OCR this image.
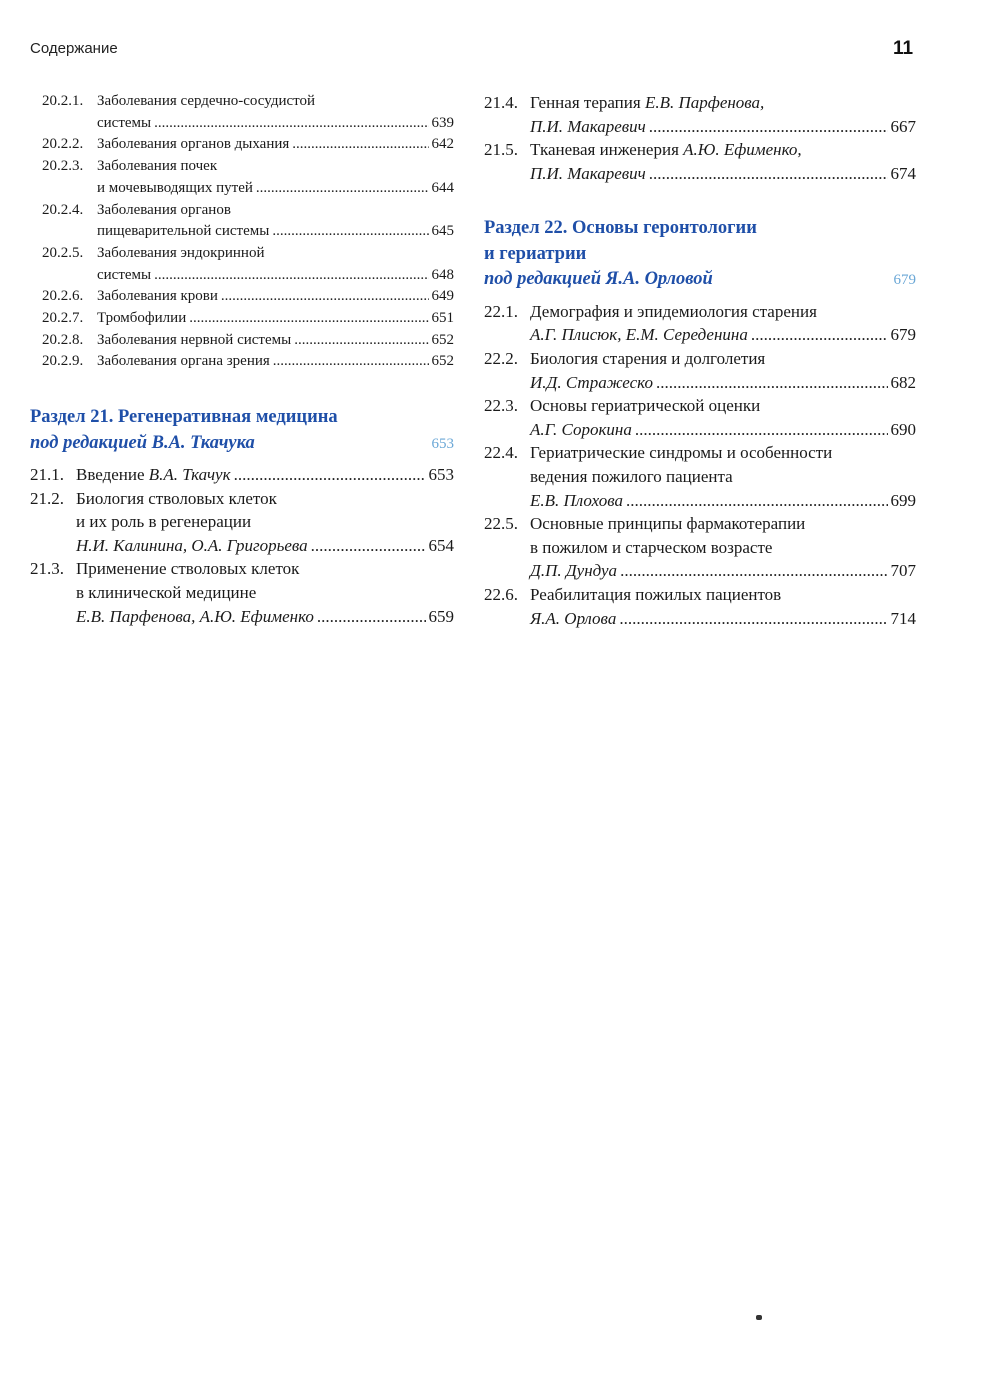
Содержание	11
20.2.1. Заболевания сердечно-сосудистой
системы .....	639
20.2.2. Заболевания органов дыхания .....	642
20.2.3. Заболевания почек
и мочевыводящих путей .....	644
20.2.4. Заболевания органов
пищеварительной системы .....	645
20.2.5. Заболевания эндокринной
системы .....	648
20.2.6. Заболевания крови .....	649
20.2.7. Тромбофилии .....	651
20.2.8. Заболевания нервной системы .....	652
20.2.9. Заболевания органа зрения .....	652
Раздел 21. Регенеративная медицина
под редакцией В.А. Ткачука	653
21.1. Введение
В.А. Ткачук .....	653
21.2. Биология стволовых клеток
и их роль в регенерации
Н.И. Калинина, О.А. Григорьева .....	654
21.3. Применение стволовых клеток
в клинической медицине
Е.В. Парфенова, А.Ю. Ефименко .....	659
21.4. Генная терапия
Е.В. Парфенова,
П.И. Макаревич .....	667
21.5. Тканевая инженерия
А.Ю. Ефименко,
П.И. Макаревич .....	674
Раздел 22. Основы геронтологии
и гериатрии
под редакцией Я.А. Орловой	679
22.1. Демография и эпидемиология старения
А.Г. Плисюк, Е.М. Середенина .....	679
22.2. Биология старения и долголетия
И.Д. Стражеско .....	682
22.3. Основы гериатрической оценки
А.Г. Сорокина .....	690
22.4. Гериатрические синдромы и особенности
ведения пожилого пациента
Е.В. Плохова .....	699
22.5. Основные принципы фармакотерапии
в пожилом и старческом возрасте
Д.П. Дундуа .....	707
22.6. Реабилитация пожилых пациентов
Я.А. Орлова .....	714
